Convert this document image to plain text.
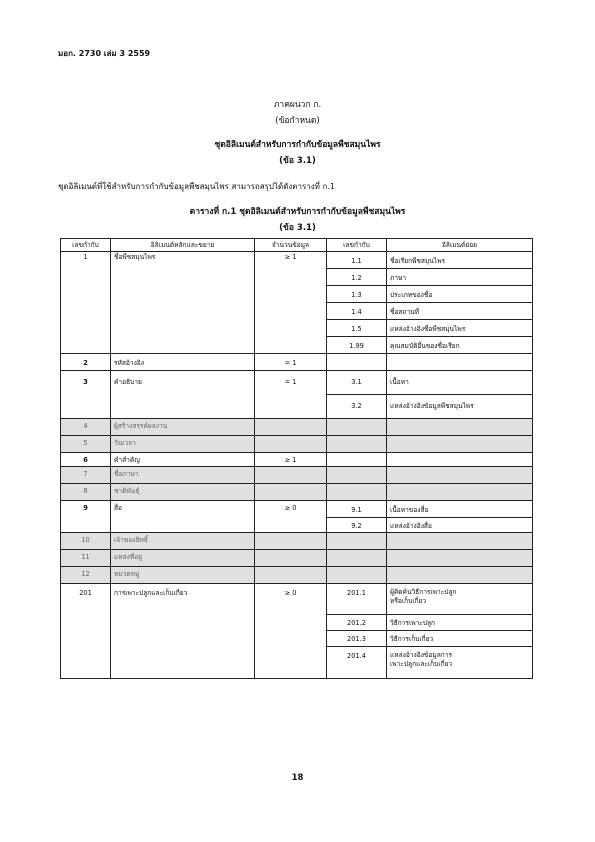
มอก. 2730 เล่ม 3 2559
ภาคผนวก ก.
(ข้อกำหนด)
ชุดอิลิเมนต์สำหรับการกำกับข้อมูลพืชสมุนไพร
(ข้อ 3.1)
ชุดอิลิเมนต์ที่ใช้สำหรับการกำกับข้อมูลพืชสมุนไพร สามารถสรุปได้ดังตารางที่ ก.1
ตารางที่ ก.1 ชุดอิลิเมนต์สำหรับการกำกับข้อมูลพืชสมุนไพร
(ข้อ 3.1)
เลขกำกับ	อิลิเมนต์หลักและขยาย	จำนวนข้อมูล	เลขกำกับ	อิลิเมนต์ย่อย
1	ชื่อพืชสมุนไพร	≥ 1	1.1	ชื่อเรียกพืชสมุนไพร
			1.2	ภาษา
			1.3	ประเภทของชื่อ
			1.4	ชื่อสถานที่
			1.5	แหล่งอ้างอิงชื่อพืชสมุนไพร
			1.99	คุณสมบัติอื่นของชื่อเรียก
2	รหัสอ้างอิง	= 1		
3	คำอธิบาย	= 1	3.1	เนื้อหา
			3.2	แหล่งอ้างอิงข้อมูลพืชสมุนไพร
4	ผู้สร้างสรรค์ผลงาน			
5	วันเวลา			
6	คำสำคัญ	≥ 1		
7	ชื่อภาษา			
8	ชาติพันธุ์			
9	สื่อ	≥ 0	9.1	เนื้อหาของสื่อ
			9.2	แหล่งอ้างอิงสื่อ
10	เจ้าของสิทธิ์			
11	แหล่งที่อยู่			
12	หมวดหมู่			
201	การเพาะปลูกและเก็บเกี่ยว	≥ 0	201.1	ผู้คิดค้นวิธีการเพาะปลูก
หรือเก็บเกี่ยว
			201.2	วิธีการเพาะปลูก
			201.3	วิธีการเก็บเกี่ยว
			201.4	แหล่งอ้างอิงข้อมูลการ
เพาะปลูกและเก็บเกี่ยว
18
